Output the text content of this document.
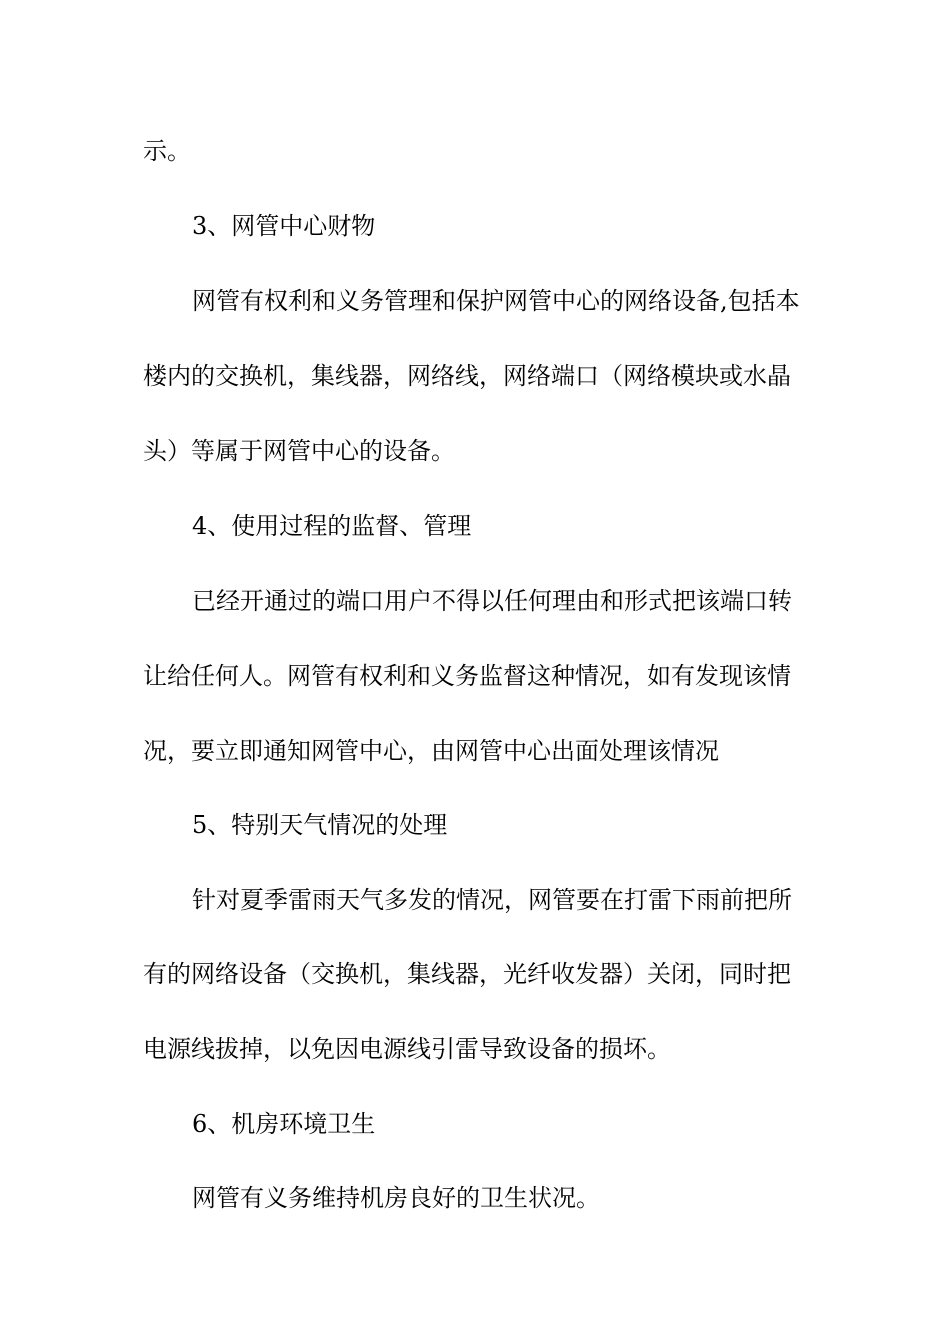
示。
3、网管中心财物
网管有权利和义务管理和保护网管中心的网络设备,包括本
楼内的交换机，集线器，网络线，网络端口（网络模块或水晶
头）等属于网管中心的设备。
4、使用过程的监督、管理
已经开通过的端口用户不得以任何理由和形式把该端口转
让给任何人。网管有权利和义务监督这种情况，如有发现该情
况，要立即通知网管中心，由网管中心出面处理该情况
5、特别天气情况的处理
针对夏季雷雨天气多发的情况，网管要在打雷下雨前把所
有的网络设备（交换机，集线器，光纤收发器）关闭，同时把
电源线拔掉，以免因电源线引雷导致设备的损坏。
6、机房环境卫生
网管有义务维持机房良好的卫生状况。
